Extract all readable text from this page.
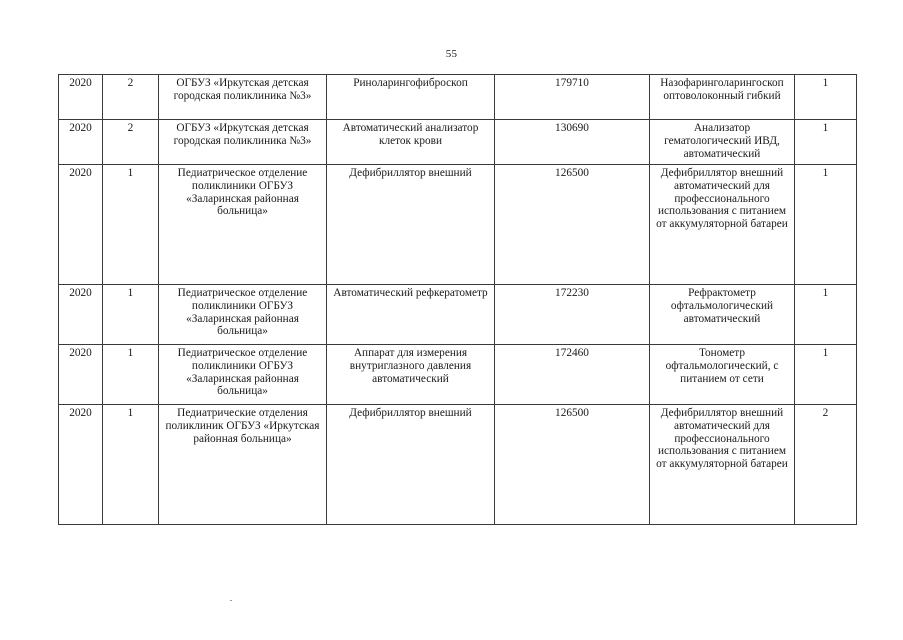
55
2020	2	ОГБУЗ «Иркутская детская городская поликлиника №3»	Риноларингофиброскоп	179710	Назофаринголарингоскоп оптоволоконный гибкий	1
2020	2	ОГБУЗ «Иркутская детская городская поликлиника №3»	Автоматический анализатор клеток крови	130690	Анализатор гематологический ИВД, автоматический	1
2020	1	Педиатрическое отделение поликлиники ОГБУЗ «Заларинская районная больница»	Дефибриллятор внешний	126500	Дефибриллятор внешний автоматический для профессионального использования с питанием от аккумуляторной батареи	1
2020	1	Педиатрическое отделение поликлиники ОГБУЗ «Заларинская районная больница»	Автоматический рефкератометр	172230	Рефрактометр офтальмологический автоматический	1
2020	1	Педиатрическое отделение поликлиники ОГБУЗ «Заларинская районная больница»	Аппарат для измерения внутриглазного давления автоматический	172460	Тонометр офтальмологический, с питанием от сети	1
2020	1	Педиатрические отделения поликлиник ОГБУЗ «Иркутская районная больница»	Дефибриллятор внешний	126500	Дефибриллятор внешний автоматический для профессионального использования с питанием от аккумуляторной батареи	2
